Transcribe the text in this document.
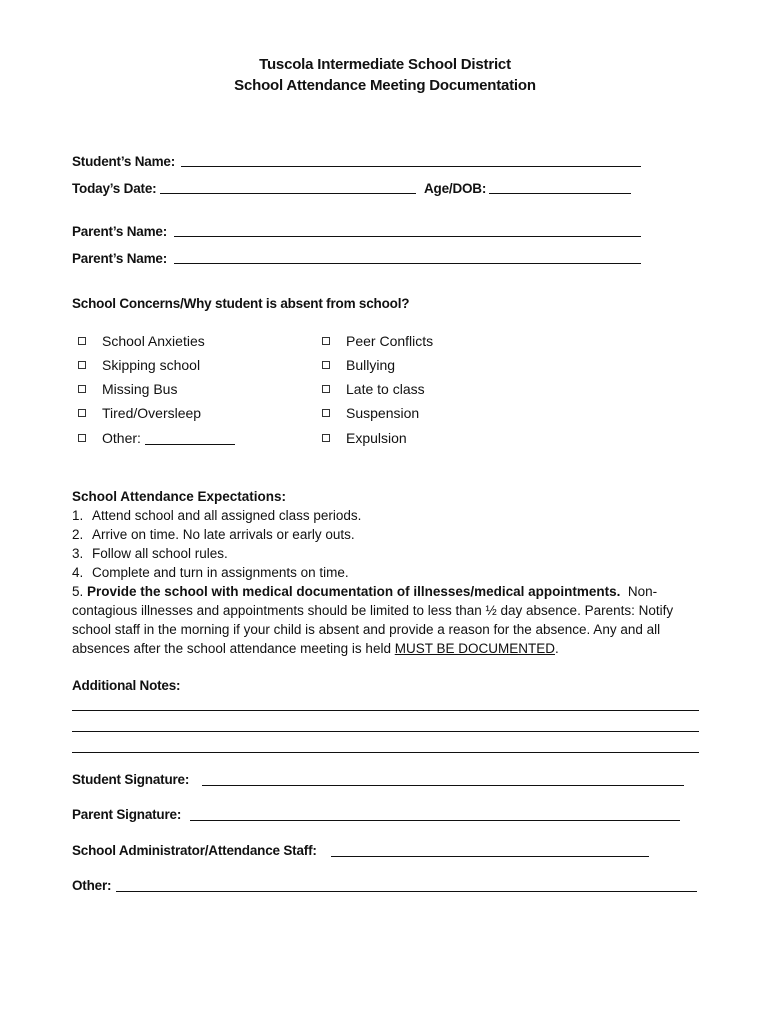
Tuscola Intermediate School District
School Attendance Meeting Documentation
Student’s Name:
Today’s Date:	Age/DOB:
Parent’s Name:
Parent’s Name:
School Concerns/Why student is absent from school?
School Anxieties
Skipping school
Missing Bus
Tired/Oversleep
Other:
Peer Conflicts
Bullying
Late to class
Suspension
Expulsion
School Attendance Expectations:
1. Attend school and all assigned class periods.
2. Arrive on time. No late arrivals or early outs.
3. Follow all school rules.
4. Complete and turn in assignments on time.
5. Provide the school with medical documentation of illnesses/medical appointments. Non-contagious illnesses and appointments should be limited to less than ½ day absence. Parents: Notify school staff in the morning if your child is absent and provide a reason for the absence. Any and all absences after the school attendance meeting is held MUST BE DOCUMENTED.
Additional Notes:
Student Signature:
Parent Signature:
School Administrator/Attendance Staff:
Other:
